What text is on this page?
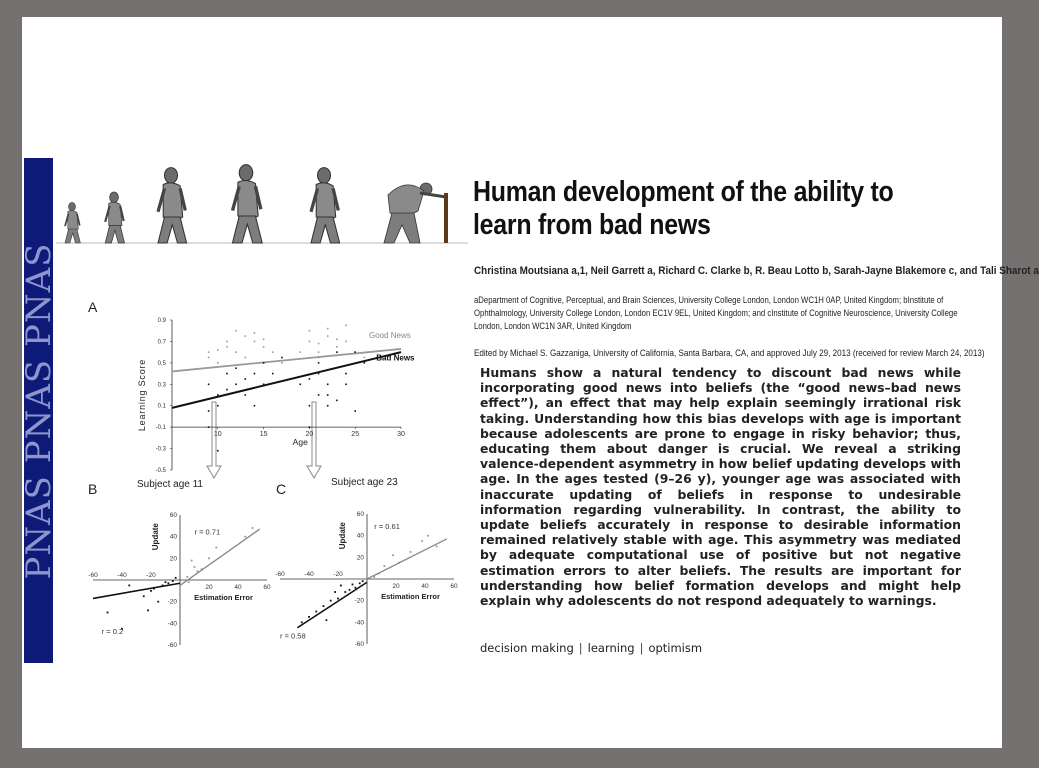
PNAS PNAS PNAS
Human development of the ability to learn from bad news
Christina Moutsiana a,1, Neil Garrett a, Richard C. Clarke b, R. Beau Lotto b, Sarah-Jayne Blakemore c, and Tali Sharot a
aDepartment of Cognitive, Perceptual, and Brain Sciences, University College London, London WC1H 0AP, United Kingdom; bInstitute of Ophthalmology, University College London, London EC1V 9EL, United Kingdom; and cInstitute of Cognitive Neuroscience, University College London, London WC1N 3AR, United Kingdom
Edited by Michael S. Gazzaniga, University of California, Santa Barbara, CA, and approved July 29, 2013 (received for review March 24, 2013)
Humans show a natural tendency to discount bad news while incorporating good news into beliefs (the “good news–bad news effect”), an effect that may help explain seemingly irrational risk taking. Understanding how this bias develops with age is important because adolescents are prone to engage in risky behavior; thus, educating them about danger is crucial. We reveal a striking valence-dependent asymmetry in how belief updating develops with age. In the ages tested (9–26 y), younger age was associated with inaccurate updating of beliefs in response to undesirable information regarding vulnerability. In contrast, the ability to update beliefs accurately in response to desirable information remained relatively stable with age. This asymmetry was mediated by adequate computational use of positive but not negative estimation errors to alter beliefs. The results are important for understanding how belief formation develops and might help explain why adolescents do not respond adequately to warnings.
decision making | learning | optimism
A
B	C
Subject age 11	Subject age 23
0.9
0.7
0.5
0.3
0.1
-0.1
-0.3
-0.5
10	15	20	25	30
Age
Learning Score
Good News
Bad News
-60	-40	-20
20	40	60
60
40
20
-20
-40
-60
Estimation Error
Update	r = 0.71
r = 0.2
-60	-40	-20
20	40	60
60
40
20
-20
-40
-60
Estimation Error
Update	r = 0.61
r = 0.58
